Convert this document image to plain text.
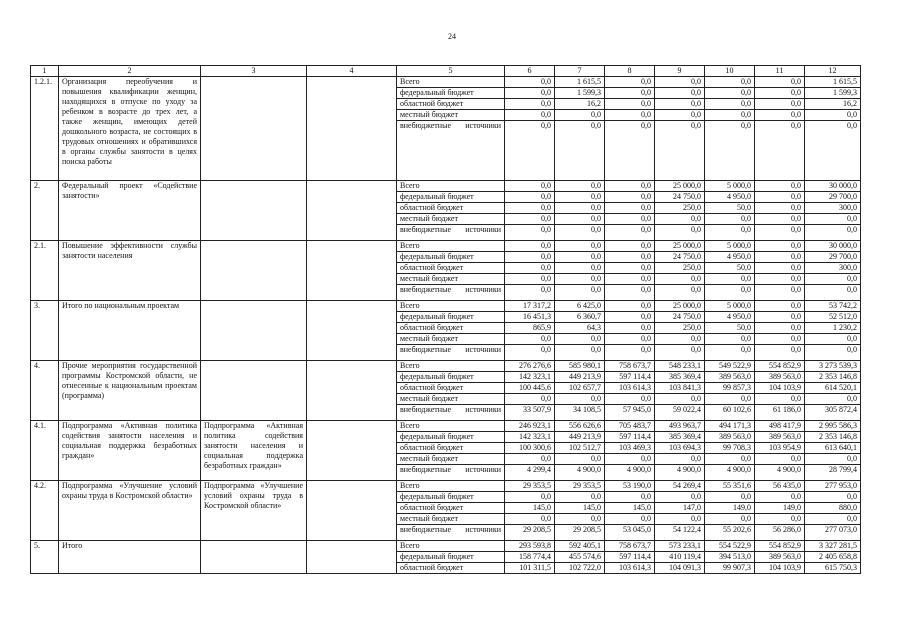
24
1	2	3	4	5	6	7	8	9	10	11	12
1.2.1.	Организация переобучения и повышения квалификации женщин, находящихся в отпуске по уходу за ребенком в возрасте до трех лет, а также женщин, имеющих детей дошкольного возраста, не состоящих в трудовых отношениях и обратившихся в органы службы занятости в целях поиска работы			Всего	0,0	1 615,5	0,0	0,0	0,0	0,0	1 615,5
				федеральный бюджет	0,0	1 599,3	0,0	0,0	0,0	0,0	1 599,3
				областной бюджет	0,0	16,2	0,0	0,0	0,0	0,0	16,2
				местный бюджет	0,0	0,0	0,0	0,0	0,0	0,0	0,0
				внебюджетные источники	0,0	0,0	0,0	0,0	0,0	0,0	0,0
2.	Федеральный проект «Содействие занятости»			Всего	0,0	0,0	0,0	25 000,0	5 000,0	0,0	30 000,0
				федеральный бюджет	0,0	0,0	0,0	24 750,0	4 950,0	0,0	29 700,0
				областной бюджет	0,0	0,0	0,0	250,0	50,0	0,0	300,0
				местный бюджет	0,0	0,0	0,0	0,0	0,0	0,0	0,0
				внебюджетные источники	0,0	0,0	0,0	0,0	0,0	0,0	0,0
2.1.	Повышение эффективности службы занятости населения			Всего	0,0	0,0	0,0	25 000,0	5 000,0	0,0	30 000,0
				федеральный бюджет	0,0	0,0	0,0	24 750,0	4 950,0	0,0	29 700,0
				областной бюджет	0,0	0,0	0,0	250,0	50,0	0,0	300,0
				местный бюджет	0,0	0,0	0,0	0,0	0,0	0,0	0,0
				внебюджетные источники	0,0	0,0	0,0	0,0	0,0	0,0	0,0
3.	Итого по национальным проектам			Всего	17 317,2	6 425,0	0,0	25 000,0	5 000,0	0,0	53 742,2
				федеральный бюджет	16 451,3	6 360,7	0,0	24 750,0	4 950,0	0,0	52 512,0
				областной бюджет	865,9	64,3	0,0	250,0	50,0	0,0	1 230,2
				местный бюджет	0,0	0,0	0,0	0,0	0,0	0,0	0,0
				внебюджетные источники	0,0	0,0	0,0	0,0	0,0	0,0	0,0
4.	Прочие мероприятия государственной программы Костромской области, не отнесенные к национальным проектам (программа)			Всего	276 276,6	585 980,1	758 673,7	548 233,1	549 522,9	554 852,9	3 273 539,3
				федеральный бюджет	142 323,1	449 213,9	597 114,4	385 369,4	389 563,0	389 563,0	2 353 146,8
				областной бюджет	100 445,6	102 657,7	103 614,3	103 841,3	99 857,3	104 103,9	614 520,1
				местный бюджет	0,0	0,0	0,0	0,0	0,0	0,0	0,0
				внебюджетные источники	33 507,9	34 108,5	57 945,0	59 022,4	60 102,6	61 186,0	305 872,4
4.1.	Подпрограмма «Активная политика содействия занятости населения и социальная поддержка безработных граждан»	Подпрограмма «Активная политика содействия занятости населения и социальная поддержка безработных граждан»		Всего	246 923,1	556 626,6	705 483,7	493 963,7	494 171,3	498 417,9	2 995 586,3
				федеральный бюджет	142 323,1	449 213,9	597 114,4	385 369,4	389 563,0	389 563,0	2 353 146,8
				областной бюджет	100 300,6	102 512,7	103 469,3	103 694,3	99 708,3	103 954,9	613 640,1
				местный бюджет	0,0	0,0	0,0	0,0	0,0	0,0	0,0
				внебюджетные источники	4 299,4	4 900,0	4 900,0	4 900,0	4 900,0	4 900,0	28 799,4
4.2.	Подпрограмма «Улучшение условий охраны труда в Костромской области»	Подпрограмма «Улучшение условий охраны труда в Костромской области»		Всего	29 353,5	29 353,5	53 190,0	54 269,4	55 351,6	56 435,0	277 953,0
				федеральный бюджет	0,0	0,0	0,0	0,0	0,0	0,0	0,0
				областной бюджет	145,0	145,0	145,0	147,0	149,0	149,0	880,0
				местный бюджет	0,0	0,0	0,0	0,0	0,0	0,0	0,0
				внебюджетные источники	29 208,5	29 208,5	53 045,0	54 122,4	55 202,6	56 286,0	277 073,0
5.	Итого			Всего	293 593,8	592 405,1	758 673,7	573 233,1	554 522,9	554 852,9	3 327 281,5
				федеральный бюджет	158 774,4	455 574,6	597 114,4	410 119,4	394 513,0	389 563,0	2 405 658,8
				областной бюджет	101 311,5	102 722,0	103 614,3	104 091,3	99 907,3	104 103,9	615 750,3
